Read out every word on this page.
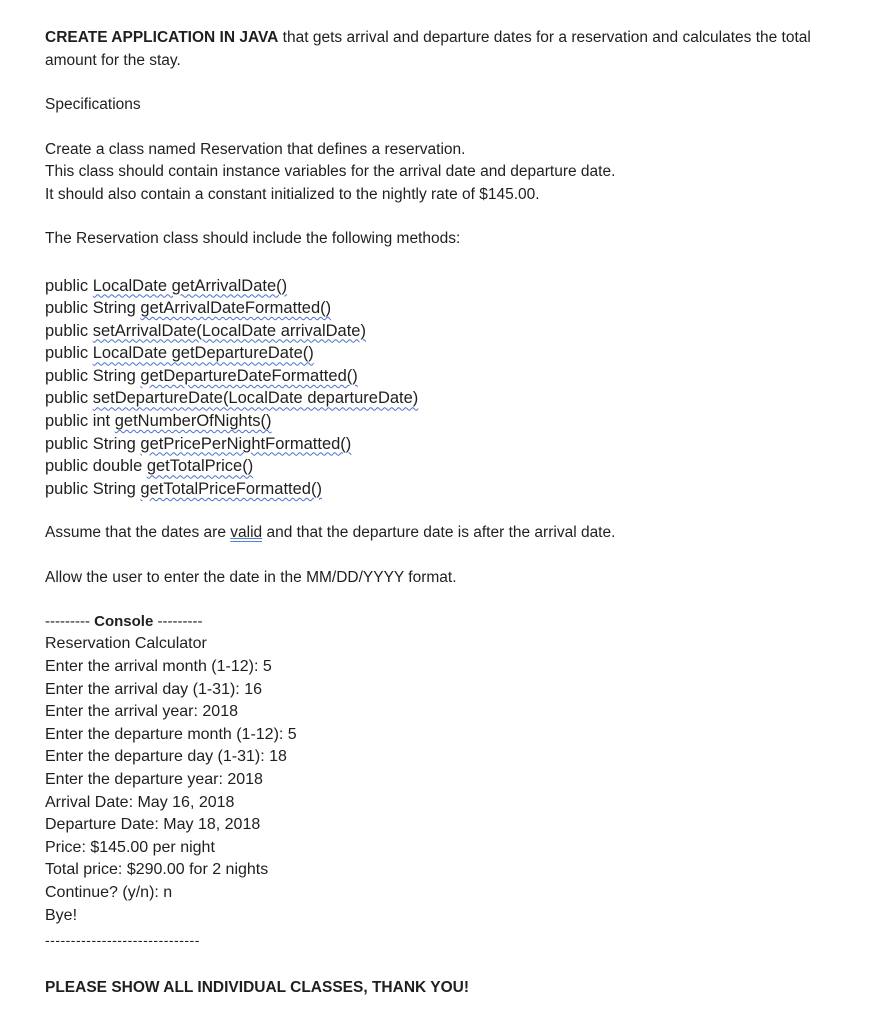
CREATE APPLICATION IN JAVA that gets arrival and departure dates for a reservation and calculates the total amount for the stay.

Specifications

Create a class named Reservation that defines a reservation.

This class should contain instance variables for the arrival date and departure date.

It should also contain a constant initialized to the nightly rate of $145.00.

The Reservation class should include the following methods:

public LocalDate getArrivalDate()

public String getArrivalDateFormatted()

public setArrivalDate(LocalDate arrivalDate)

public LocalDate getDepartureDate()

public String getDepartureDateFormatted()

public setDepartureDate(LocalDate departureDate)

public int getNumberOfNights()

public String getPricePerNightFormatted()

public double getTotalPrice()

public String getTotalPriceFormatted()

Assume that the dates are valid and that the departure date is after the arrival date.

Allow the user to enter the date in the MM/DD/YYYY format.

--------- Console ---------

Reservation Calculator

Enter the arrival month (1-12): 5

Enter the arrival day (1-31): 16

Enter the arrival year: 2018

Enter the departure month (1-12): 5

Enter the departure day (1-31): 18

Enter the departure year: 2018

Arrival Date: May 16, 2018

Departure Date: May 18, 2018

Price: $145.00 per night

Total price: $290.00 for 2 nights

Continue? (y/n): n

Bye!

------------------------------

PLEASE SHOW ALL INDIVIDUAL CLASSES, THANK YOU!
